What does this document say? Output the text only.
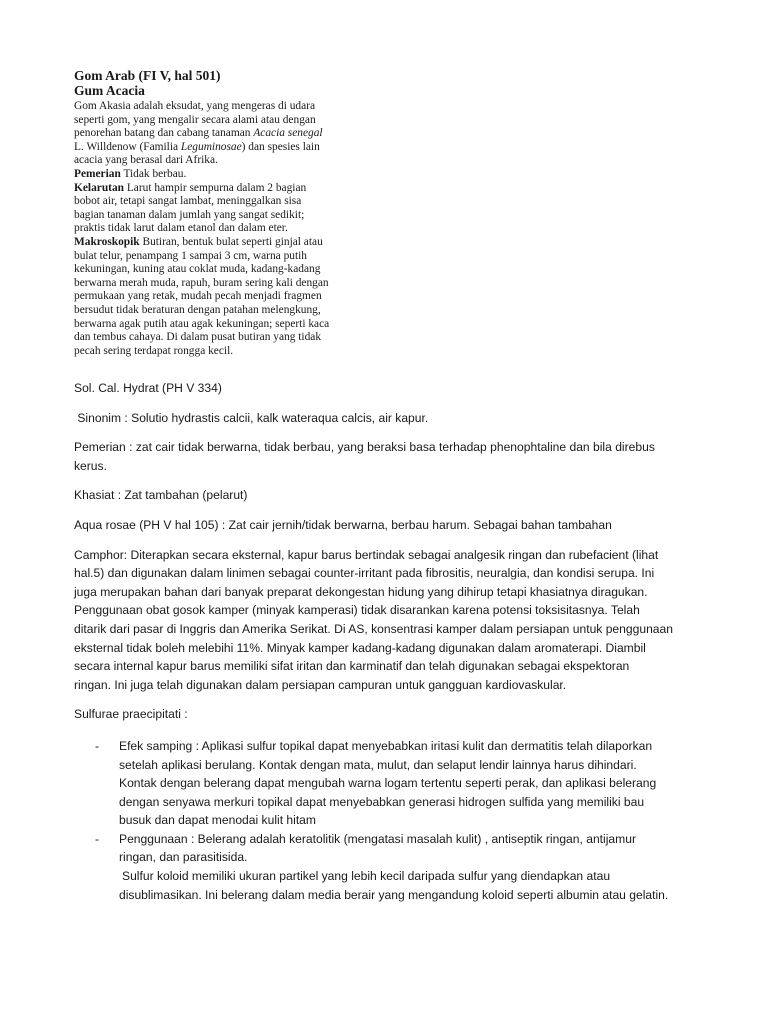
Gom Arab (FI V, hal 501)

Gum Acacia

Gom Akasia adalah eksudat, yang mengeras di udara
seperti gom, yang mengalir secara alami atau dengan
penorehan batang dan cabang tanaman Acacia senegal
L. Willdenow (Familia Leguminosae) dan spesies lain
acacia yang berasal dari Afrika.

Pemerian Tidak berbau.

Kelarutan Larut hampir sempurna dalam 2 bagian
bobot air, tetapi sangat lambat, meninggalkan sisa
bagian tanaman dalam jumlah yang sangat sedikit;
praktis tidak larut dalam etanol dan dalam eter.

Makroskopik Butiran, bentuk bulat seperti ginjal atau
bulat telur, penampang 1 sampai 3 cm, warna putih
kekuningan, kuning atau coklat muda, kadang-kadang
berwarna merah muda, rapuh, buram sering kali dengan
permukaan yang retak, mudah pecah menjadi fragmen
bersudut tidak beraturan dengan patahan melengkung,
berwarna agak putih atau agak kekuningan; seperti kaca
dan tembus cahaya. Di dalam pusat butiran yang tidak
pecah sering terdapat rongga kecil.

Sol. Cal. Hydrat (PH V 334)

Sinonim : Solutio hydrastis calcii, kalk wateraqua calcis, air kapur.

Pemerian : zat cair tidak berwarna, tidak berbau, yang beraksi basa terhadap phenophtaline dan bila direbus
kerus.

Khasiat : Zat tambahan (pelarut)

Aqua rosae (PH V hal 105) : Zat cair jernih/tidak berwarna, berbau harum. Sebagai bahan tambahan

Camphor: Diterapkan secara eksternal, kapur barus bertindak sebagai analgesik ringan dan rubefacient (lihat
hal.5) dan digunakan dalam linimen sebagai counter-irritant pada fibrositis, neuralgia, dan kondisi serupa. Ini
juga merupakan bahan dari banyak preparat dekongestan hidung yang dihirup tetapi khasiatnya diragukan.
Penggunaan obat gosok kamper (minyak kamperasi) tidak disarankan karena potensi toksisitasnya. Telah
ditarik dari pasar di Inggris dan Amerika Serikat. Di AS, konsentrasi kamper dalam persiapan untuk penggunaan
eksternal tidak boleh melebihi 11%. Minyak kamper kadang-kadang digunakan dalam aromaterapi. Diambil
secara internal kapur barus memiliki sifat iritan dan karminatif dan telah digunakan sebagai ekspektoran
ringan. Ini juga telah digunakan dalam persiapan campuran untuk gangguan kardiovaskular.

Sulfurae praecipitati :

- Efek samping : Aplikasi sulfur topikal dapat menyebabkan iritasi kulit dan dermatitis telah dilaporkan
setelah aplikasi berulang. Kontak dengan mata, mulut, dan selaput lendir lainnya harus dihindari.
Kontak dengan belerang dapat mengubah warna logam tertentu seperti perak, dan aplikasi belerang
dengan senyawa merkuri topikal dapat menyebabkan generasi hidrogen sulfida yang memiliki bau
busuk dan dapat menodai kulit hitam
- Penggunaan : Belerang adalah keratolitik (mengatasi masalah kulit) , antiseptik ringan, antijamur
ringan, dan parasitisida.
Sulfur koloid memiliki ukuran partikel yang lebih kecil daripada sulfur yang diendapkan atau
disublimasikan. Ini belerang dalam media berair yang mengandung koloid seperti albumin atau gelatin.
